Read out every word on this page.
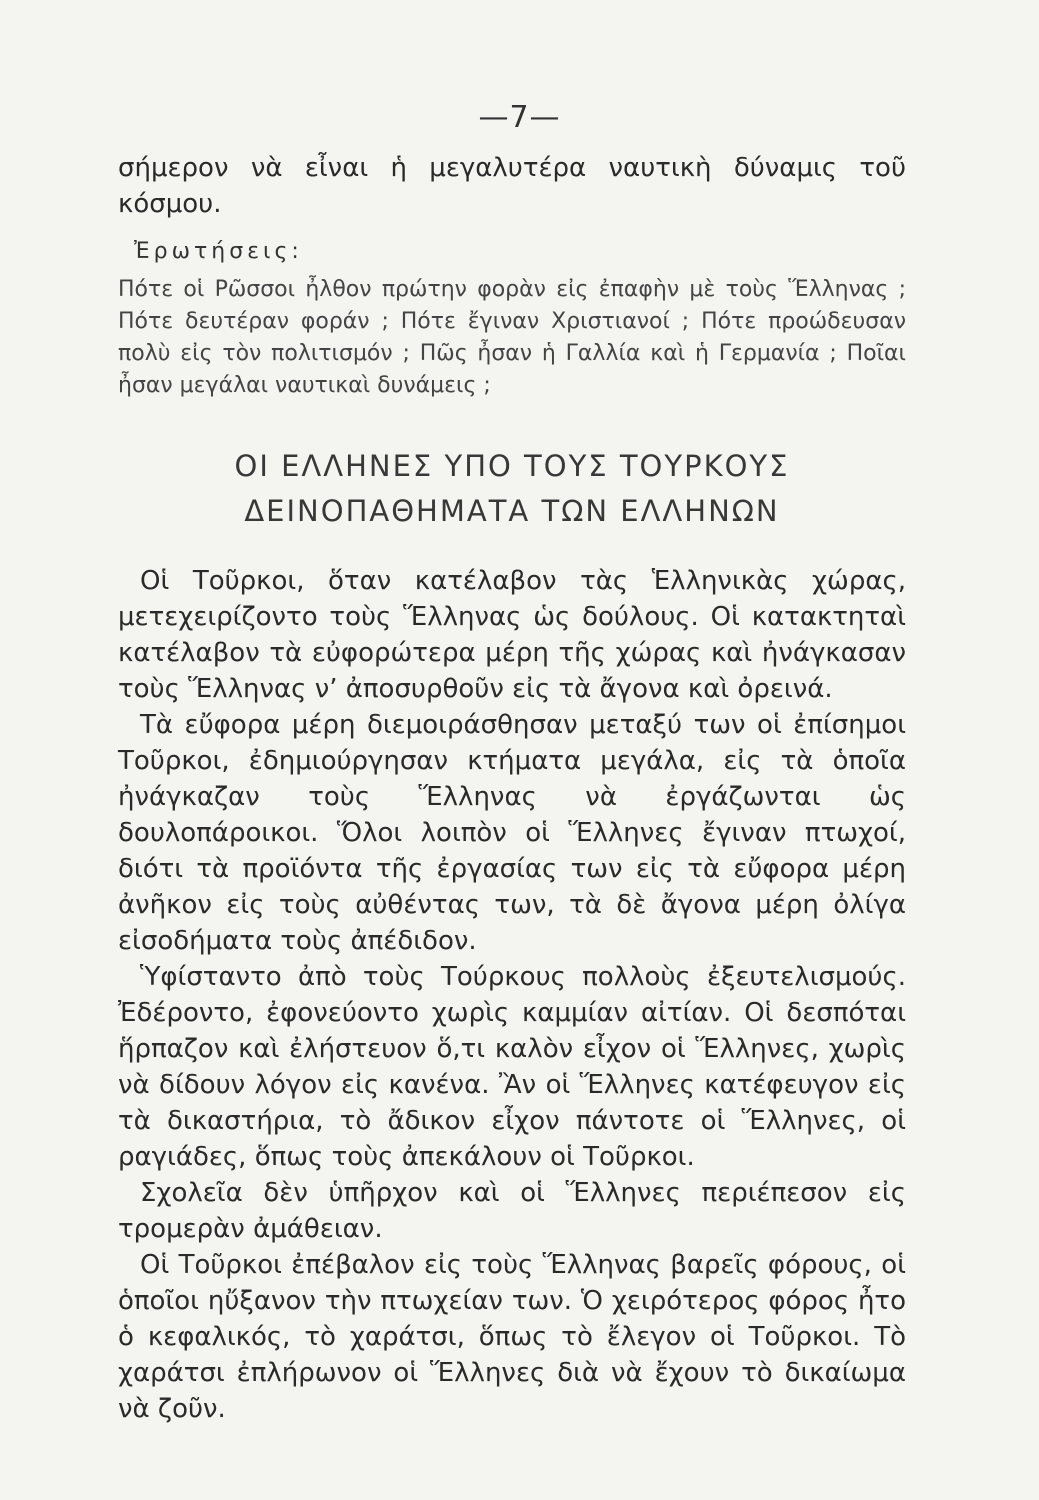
—7—

σήμερον νὰ εἶναι ἡ μεγαλυτέρα ναυτικὴ δύναμις τοῦ κόσμου.

Ἐρωτήσεις:

Πότε οἱ Ρῶσσοι ἦλθον πρώτην φορὰν εἰς ἐπαφὴν μὲ τοὺς Ἕλληνας ; Πότε δευτέραν φοράν ; Πότε ἔγιναν Χριστιανοί ; Πότε προώδευσαν πολὺ εἰς τὸν πολιτισμόν ; Πῶς ἦσαν ἡ Γαλλία καὶ ἡ Γερμανία ; Ποῖαι ἦσαν μεγάλαι ναυτικαὶ δυνάμεις ;

ΟΙ ΕΛΛΗΝΕΣ ΥΠΟ ΤΟΥΣ ΤΟΥΡΚΟΥΣ
ΔΕΙΝΟΠΑΘΗΜΑΤΑ ΤΩΝ ΕΛΛΗΝΩΝ

Οἱ Τοῦρκοι, ὅταν κατέλαβον τὰς Ἑλληνικὰς χώρας, μετεχειρίζοντο τοὺς Ἕλληνας ὡς δούλους. Οἱ κατακτηταὶ κατέλαβον τὰ εὐφορώτερα μέρη τῆς χώρας καὶ ἠνάγκασαν τοὺς Ἕλληνας ν’ ἀποσυρθοῦν εἰς τὰ ἄγονα καὶ ὀρεινά.

Τὰ εὔφορα μέρη διεμοιράσθησαν μεταξύ των οἱ ἐπίσημοι Τοῦρκοι, ἐδημιούργησαν κτήματα μεγάλα, εἰς τὰ ὁποῖα ἠνάγκαζαν τοὺς Ἕλληνας νὰ ἐργάζωνται ὡς δουλοπάροικοι. Ὅλοι λοιπὸν οἱ Ἕλληνες ἔγιναν πτωχοί, διότι τὰ προϊόντα τῆς ἐργασίας των εἰς τὰ εὔφορα μέρη ἀνῆκον εἰς τοὺς αὐθέντας των, τὰ δὲ ἄγονα μέρη ὀλίγα εἰσοδήματα τοὺς ἀπέδιδον.

Ὑφίσταντο ἀπὸ τοὺς Τούρκους πολλοὺς ἐξευτελισμούς. Ἐδέροντο, ἐφονεύοντο χωρὶς καμμίαν αἰτίαν. Οἱ δεσπόται ἥρπαζον καὶ ἐλήστευον ὅ,τι καλὸν εἶχον οἱ Ἕλληνες, χωρὶς νὰ δίδουν λόγον εἰς κανένα. Ἂν οἱ Ἕλληνες κατέφευγον εἰς τὰ δικαστήρια, τὸ ἄδικον εἶχον πάντοτε οἱ Ἕλληνες, οἱ ραγιάδες, ὅπως τοὺς ἀπεκάλουν οἱ Τοῦρκοι.

Σχολεῖα δὲν ὑπῆρχον καὶ οἱ Ἕλληνες περιέπεσον εἰς τρομερὰν ἀμάθειαν.

Οἱ Τοῦρκοι ἐπέβαλον εἰς τοὺς Ἕλληνας βαρεῖς φόρους, οἱ ὁποῖοι ηὔξανον τὴν πτωχείαν των. Ὁ χειρότερος φόρος ἦτο ὁ κεφαλικός, τὸ χαράτσι, ὅπως τὸ ἔλεγον οἱ Τοῦρκοι. Τὸ χαράτσι ἐπλήρωνον οἱ Ἕλληνες διὰ νὰ ἔχουν τὸ δικαίωμα νὰ ζοῦν.
